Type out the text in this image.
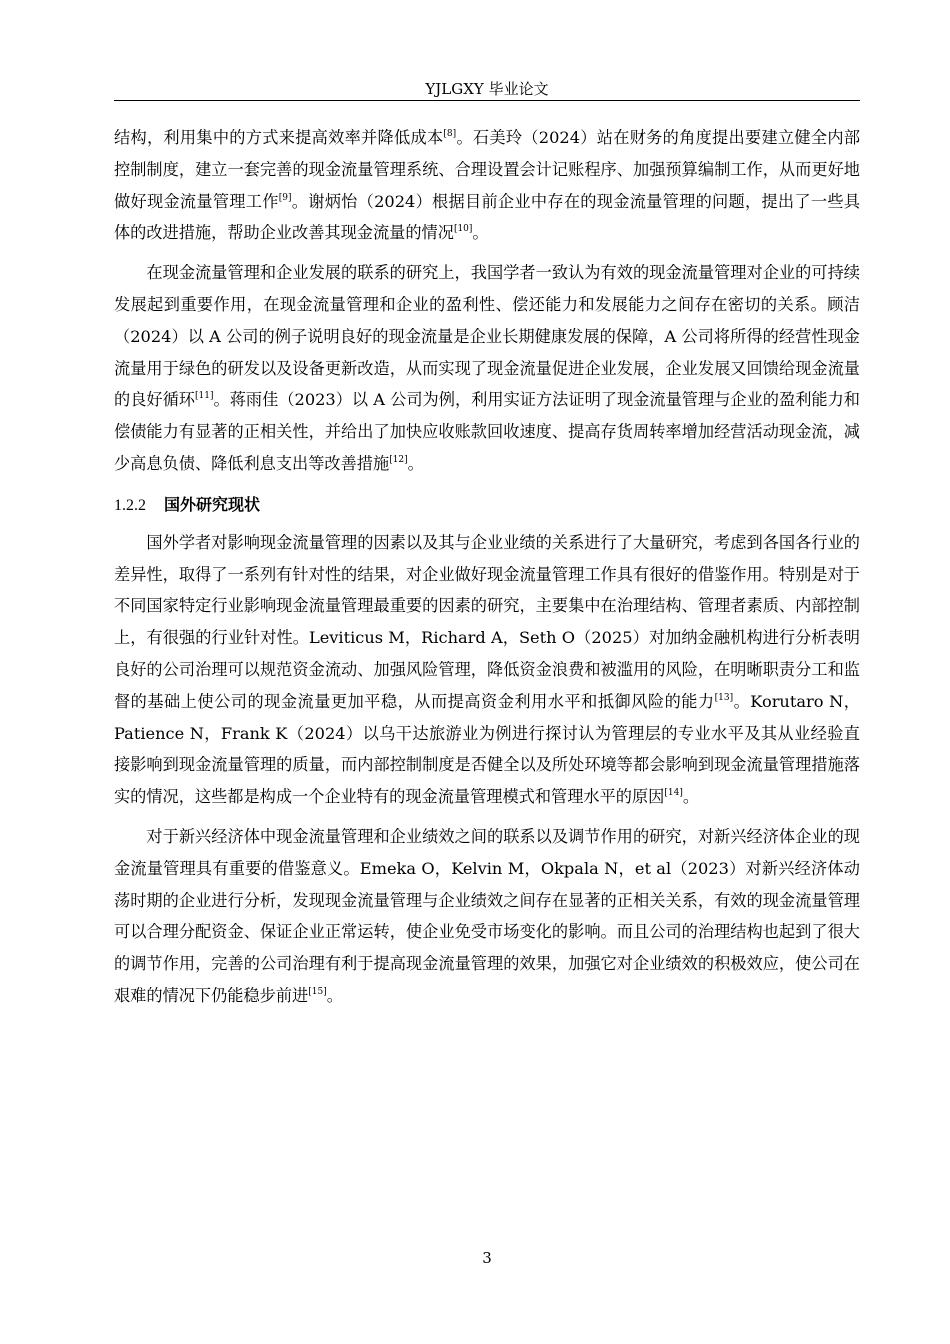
YJLGXY 毕业论文

结构，利用集中的方式来提高效率并降低成本[8]。石美玲（2024）站在财务的角度提出要建立健全内部控制制度，建立一套完善的现金流量管理系统、合理设置会计记账程序、加强预算编制工作，从而更好地做好现金流量管理工作[9]。谢炳怡（2024）根据目前企业中存在的现金流量管理的问题，提出了一些具体的改进措施，帮助企业改善其现金流量的情况[10]。

在现金流量管理和企业发展的联系的研究上，我国学者一致认为有效的现金流量管理对企业的可持续发展起到重要作用，在现金流量管理和企业的盈利性、偿还能力和发展能力之间存在密切的关系。顾洁（2024）以 A 公司的例子说明良好的现金流量是企业长期健康发展的保障，A 公司将所得的经营性现金流量用于绿色的研发以及设备更新改造，从而实现了现金流量促进企业发展，企业发展又回馈给现金流量的良好循环[11]。蒋雨佳（2023）以 A 公司为例，利用实证方法证明了现金流量管理与企业的盈利能力和偿债能力有显著的正相关性，并给出了加快应收账款回收速度、提高存货周转率增加经营活动现金流，减少高息负债、降低利息支出等改善措施[12]。

1.2.2 国外研究现状

国外学者对影响现金流量管理的因素以及其与企业业绩的关系进行了大量研究，考虑到各国各行业的差异性，取得了一系列有针对性的结果，对企业做好现金流量管理工作具有很好的借鉴作用。特别是对于不同国家特定行业影响现金流量管理最重要的因素的研究，主要集中在治理结构、管理者素质、内部控制上，有很强的行业针对性。Leviticus M，Richard A，Seth O（2025）对加纳金融机构进行分析表明良好的公司治理可以规范资金流动、加强风险管理，降低资金浪费和被滥用的风险，在明晰职责分工和监督的基础上使公司的现金流量更加平稳，从而提高资金利用水平和抵御风险的能力[13]。Korutaro N，Patience N，Frank K（2024）以乌干达旅游业为例进行探讨认为管理层的专业水平及其从业经验直接影响到现金流量管理的质量，而内部控制制度是否健全以及所处环境等都会影响到现金流量管理措施落实的情况，这些都是构成一个企业特有的现金流量管理模式和管理水平的原因[14]。

对于新兴经济体中现金流量管理和企业绩效之间的联系以及调节作用的研究，对新兴经济体企业的现金流量管理具有重要的借鉴意义。Emeka O，Kelvin M，Okpala N，et al（2023）对新兴经济体动荡时期的企业进行分析，发现现金流量管理与企业绩效之间存在显著的正相关关系，有效的现金流量管理可以合理分配资金、保证企业正常运转，使企业免受市场变化的影响。而且公司的治理结构也起到了很大的调节作用，完善的公司治理有利于提高现金流量管理的效果，加强它对企业绩效的积极效应，使公司在艰难的情况下仍能稳步前进[15]。

3
